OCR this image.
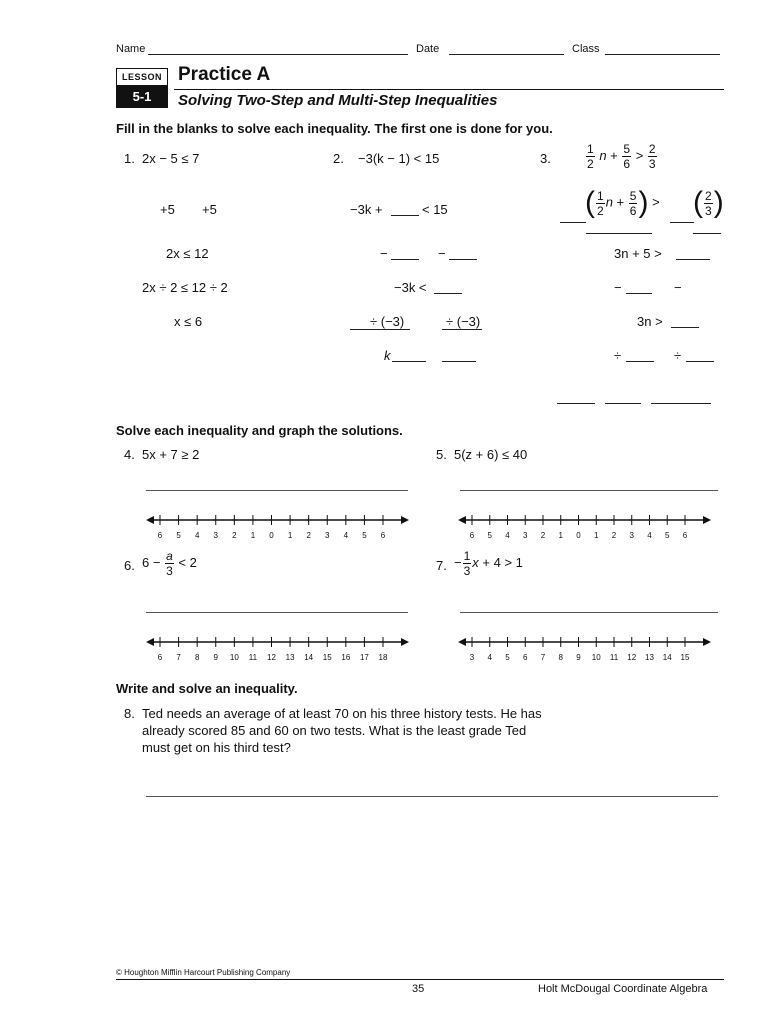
Name	Date	Class
LESSON
5-1
Practice A
Solving Two-Step and Multi-Step Inequalities
Fill in the blanks to solve each inequality. The first one is done for you.
1. 2x − 5 ≤ 7
+5 +5
2x ≤ 12
2x ÷ 2 ≤ 12 ÷ 2
x ≤ 6
2. −3(k − 1) < 15
−3k +	< 15
−	−
−3k <
÷ (−3)	÷ (−3)
k
3.	$\frac{1}{2}$ $n + \frac{5}{6} > \frac{2}{3}$
( $\frac{1}{2}$ $n + \frac{5}{6}$ ) > ( $\frac{2}{3}$ )
3n + 5 >
−	−
3n >
÷	÷
Solve each inequality and graph the solutions.
4. 5x + 7 ≥ 2	5. 5(z + 6) ≤ 40
6 5 4 3 2 1 0 1 2 3 4 5 6	6 5 4 3 2 1 0 1 2 3 4 5 6
6. $6 - \frac{a}{3} < 2$	7. − $\frac{1}{3}$ x + 4 > 1
6 7 8 9 10 11 12 13 14 15 16 17 18	3 4 5 6 7 8 9 10 11 12 13 14 15
Write and solve an inequality.
8. Ted needs an average of at least 70 on his three history tests. He has
already scored 85 and 60 on two tests. What is the least grade Ted
must get on his third test?
© Houghton Mifflin Harcourt Publishing Company
35	Holt McDougal Coordinate Algebra
